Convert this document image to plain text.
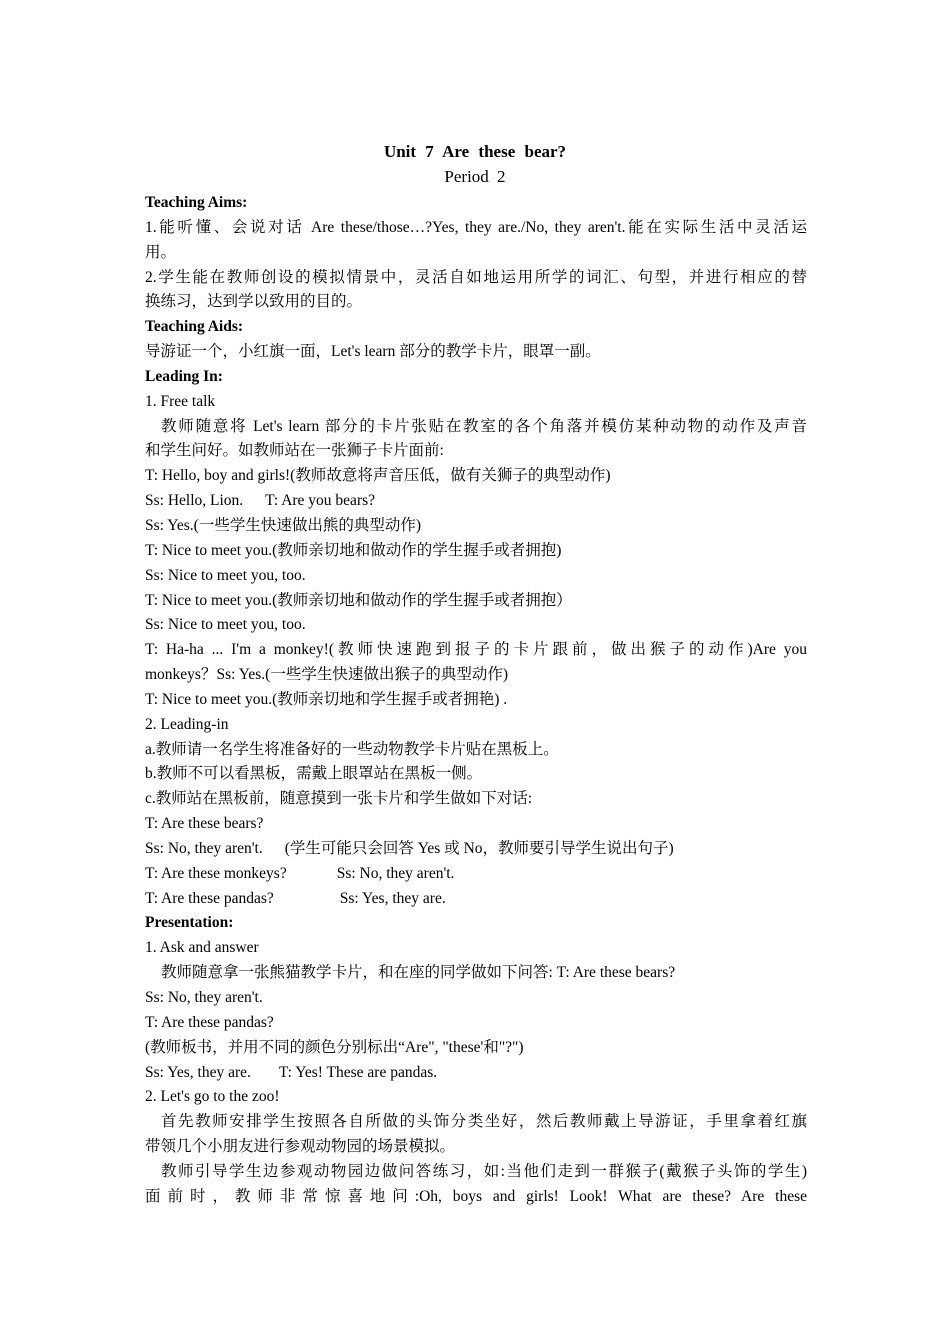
Unit 7 Are these bear?
Period 2
Teaching Aims:
1.能听懂、会说对话 Are these/those…?Yes, they are./No, they aren't.能在实际生活中灵活运
用。
2.学生能在教师创设的模拟情景中，灵活自如地运用所学的词汇、句型，并进行相应的替
换练习，达到学以致用的目的。
Teaching Aids:
导游证一个，小红旗一面，Let's learn 部分的教学卡片，眼罩一副。
Leading In:
1. Free talk
教师随意将 Let's learn 部分的卡片张贴在教室的各个角落并模仿某种动物的动作及声音
和学生问好。如教师站在一张狮子卡片面前:
T: Hello, boy and girls!(教师故意将声音压低，做有关狮子的典型动作)
Ss: Hello, Lion. T: Are you bears?
Ss: Yes.(一些学生快速做出熊的典型动作)
T: Nice to meet you.(教师亲切地和做动作的学生握手或者拥抱)
Ss: Nice to meet you, too.
T: Nice to meet you.(教师亲切地和做动作的学生握手或者拥抱）
Ss: Nice to meet you, too.
T: Ha-ha ... I'm a monkey!(教师快速跑到报子的卡片跟前，做出猴子的动作)Are you
monkeys？Ss: Yes.(一些学生快速做出猴子的典型动作)
T: Nice to meet you.(教师亲切地和学生握手或者拥艳) .
2. Leading-in
a.教师请一名学生将准备好的一些动物教学卡片贴在黑板上。
b.教师不可以看黑板，需戴上眼罩站在黑板一侧。
c.教师站在黑板前，随意摸到一张卡片和学生做如下对话:
T: Are these bears?
Ss: No, they aren't. (学生可能只会回答 Yes 或 No，教师要引导学生说出句子)
T: Are these monkeys?	Ss: No, they aren't.
T: Are these pandas?	Ss: Yes, they are.
Presentation:
1. Ask and answer
教师随意拿一张熊猫教学卡片，和在座的同学做如下问答: T: Are these bears?
Ss: No, they aren't.
T: Are these pandas?
(教师板书，并用不同的颜色分别标出“Are", "these'和"?")
Ss: Yes, they are. T: Yes! These are pandas.
2. Let's go to the zoo!
首先教师安排学生按照各自所做的头饰分类坐好，然后教师戴上导游证，手里拿着红旗
带领几个小朋友进行参观动物园的场景模拟。
教师引导学生边参观动物园边做问答练习，如:当他们走到一群猴子(戴猴子头饰的学生)
面前时，教师非常惊喜地问:Oh, boys and girls! Look! What are these? Are these
